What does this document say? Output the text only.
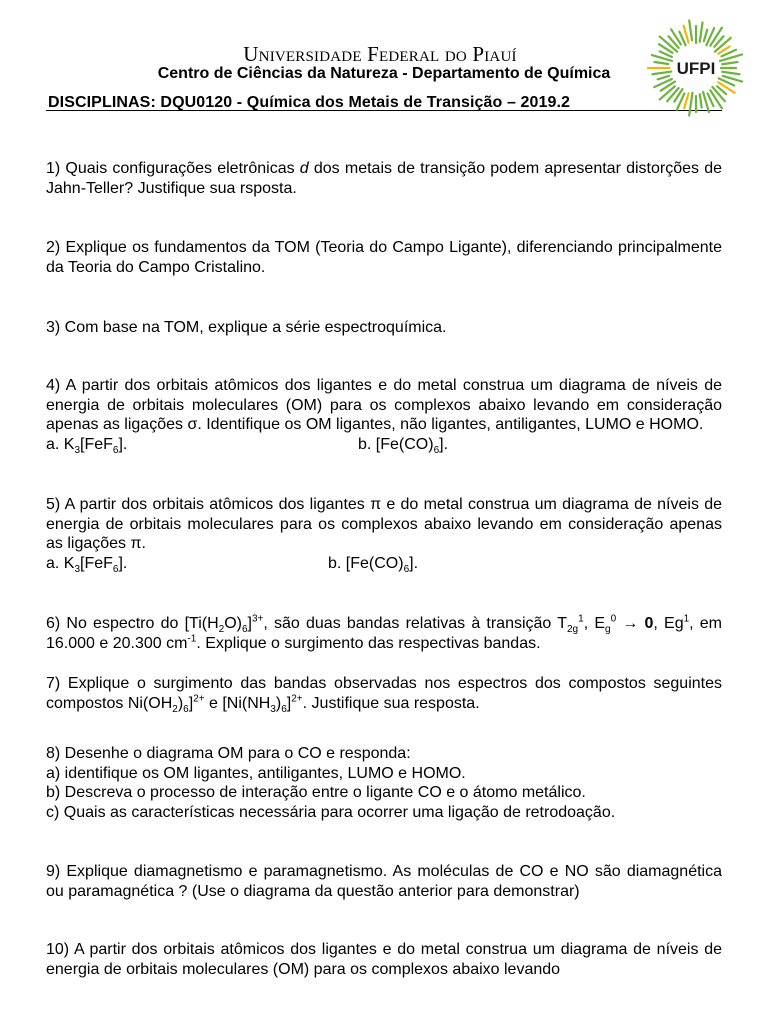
Universidade Federal do Piauí
Centro de Ciências da Natureza - Departamento de Química
DISCIPLINAS: DQU0120 - Química dos Metais de Transição – 2019.2
UFPI
1) Quais configurações eletrônicas d dos metais de transição podem apresentar distorções de Jahn-Teller? Justifique sua rsposta.
2) Explique os fundamentos da TOM (Teoria do Campo Ligante), diferenciando principalmente da Teoria do Campo Cristalino.
3) Com base na TOM, explique a série espectroquímica.

4) A partir dos orbitais atômicos dos ligantes e do metal construa um diagrama de níveis de energia de orbitais moleculares (OM) para os complexos abaixo levando em consideração apenas as ligações σ. Identifique os OM ligantes, não ligantes, antiligantes, LUMO e HOMO.

a. $K_3[FeF_6]$.	b. $[Fe(CO)_6]$.

5) A partir dos orbitais atômicos dos ligantes π e do metal construa um diagrama de níveis de energia de orbitais moleculares para os complexos abaixo levando em consideração apenas as ligações π.

a. $K_3[FeF_6]$.	b. $[Fe(CO)_6]$.

6) No espectro do $[Ti(H_2O)_6]^{3+}$, são duas bandas relativas à transição $T_{2g}^1$, $E_g^0 \to 0$, Eg$^1$, em 16.000 e 20.300 $cm^{-1}$. Explique o surgimento das respectivas bandas.
7) Explique o surgimento das bandas observadas nos espectros dos compostos seguintes compostos $Ni(OH_2)_6]^{2+}$ e $[Ni(NH_3)_6]^{2+}$. Justifique sua resposta.

8) Desenhe o diagrama OM para o CO e responda:

a) identifique os OM ligantes, antiligantes, LUMO e HOMO.

b) Descreva o processo de interação entre o ligante CO e o átomo metálico.

c) Quais as características necessária para ocorrer uma ligação de retrodoação.

9) Explique diamagnetismo e paramagnetismo. As moléculas de CO e NO são diamagnética ou paramagnética ? (Use o diagrama da questão anterior para demonstrar)
10) A partir dos orbitais atômicos dos ligantes e do metal construa um diagrama de níveis de energia de orbitais moleculares (OM) para os complexos abaixo levando
